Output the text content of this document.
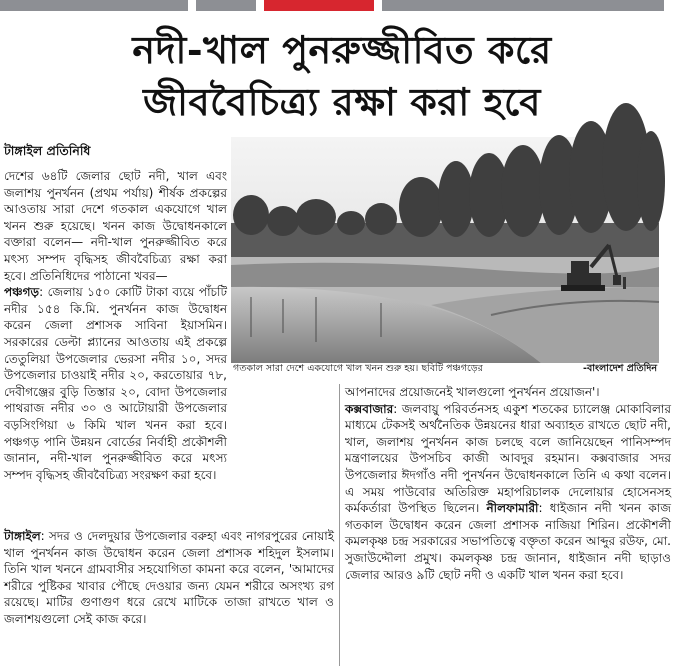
নদী-খাল পুনরুজ্জীবিত করে
জীববৈচিত্র্য রক্ষা করা হবে
টাঙ্গাইল প্রতিনিধি

দেশের ৬৪টি জেলার ছোট নদী, খাল এবং জলাশয় পুনর্খনন (প্রথম পর্যায়) শীর্ষক প্রকল্পের আওতায় সারা দেশে গতকাল একযোগে খাল খনন শুরু হয়েছে। খনন কাজ উদ্বোধনকালে বক্তারা বলেন— নদী-খাল পুনরুজ্জীবিত করে মৎস্য সম্পদ বৃদ্ধিসহ জীববৈচিত্র্য রক্ষা করা হবে। প্রতিনিধিদের পাঠানো খবর—

পঞ্চগড়: জেলায় ১৫০ কোটি টাকা ব্যয়ে পাঁচটি নদীর ১৫৪ কি.মি. পুনর্খনন কাজ উদ্বোধন করেন জেলা প্রশাসক সাবিনা ইয়াসমিন। সরকারের ডেল্টা প্ল্যানের আওতায় এই প্রকল্পে তেতুলিয়া উপজেলার ভেরসা নদীর ১০, সদর উপজেলার চাওয়াই নদীর ২০, করতোয়ার ৭৮, দেবীগঞ্জের বুড়ি তিস্তার ২০, বোদা উপজেলার পাথরাজ নদীর ৩০ ও আটোয়ারী উপজেলার বড়সিংগিয়া ৬ কিমি খাল খনন করা হবে। পঞ্চগড় পানি উন্নয়ন বোর্ডের নির্বাহী প্রকৌশলী জানান, নদী-খাল পুনরুজ্জীবিত করে মৎস্য সম্পদ বৃদ্ধিসহ জীববৈচিত্র্য সংরক্ষণ করা হবে।

গতকাল সারা দেশে একযোগে খাল খনন শুরু হয়। ছবিটি পঞ্চগড়ের	-বাংলাদেশ প্রতিদিন

টাঙ্গাইল: সদর ও দেলদুয়ার উপজেলার বরুহা এবং নাগরপুরের নোয়াই খাল পুনর্খনন কাজ উদ্বোধন করেন জেলা প্রশাসক শহিদুল ইসলাম। তিনি খাল খননে গ্রামবাসীর সহযোগিতা কামনা করে বলেন, 'আমাদের শরীরে পুষ্টিকর খাবার পৌছে দেওয়ার জন্য যেমন শরীরে অসংখ্য রগ রয়েছে। মাটির গুণাগুণ ধরে রেখে মাটিকে তাজা রাখতে খাল ও জলাশয়গুলো সেই কাজ করে।

আপনাদের প্রয়োজনেই খালগুলো পুনর্খনন প্রয়োজন'।

কক্সবাজার: জলবায়ু পরিবর্তনসহ একুশ শতকের চ্যালেঞ্জ মোকাবিলার মাধ্যমে টেকসই অর্থনৈতিক উন্নয়নের ধারা অব্যাহত রাখতে ছোট নদী, খাল, জলাশয় পুনর্খনন কাজ চলছে বলে জানিয়েছেন পানিসম্পদ মন্ত্রণালয়ের উপসচিব কাজী আবদুর রহমান। কক্সবাজার সদর উপজেলার ঈদগাঁও নদী পুনর্খনন উদ্বোধনকালে তিনি এ কথা বলেন। এ সময় পাউবোর অতিরিক্ত মহাপরিচালক দেলোয়ার হোসেনসহ কর্মকর্তারা উপস্থিত ছিলেন। নীলফামারী: ধাইজান নদী খনন কাজ গতকাল উদ্বোধন করেন জেলা প্রশাসক নাজিয়া শিরিন। প্রকৌশলী কমলকৃষ্ণ চন্দ্র সরকারের সভাপতিত্বে বক্তৃতা করেন আব্দুর রউফ, মো. সুজাউদ্দৌলা প্রমুখ। কমলকৃষ্ণ চন্দ্র জানান, ধাইজান নদী ছাড়াও জেলার আরও ৯টি ছোট নদী ও একটি খাল খনন করা হবে।
